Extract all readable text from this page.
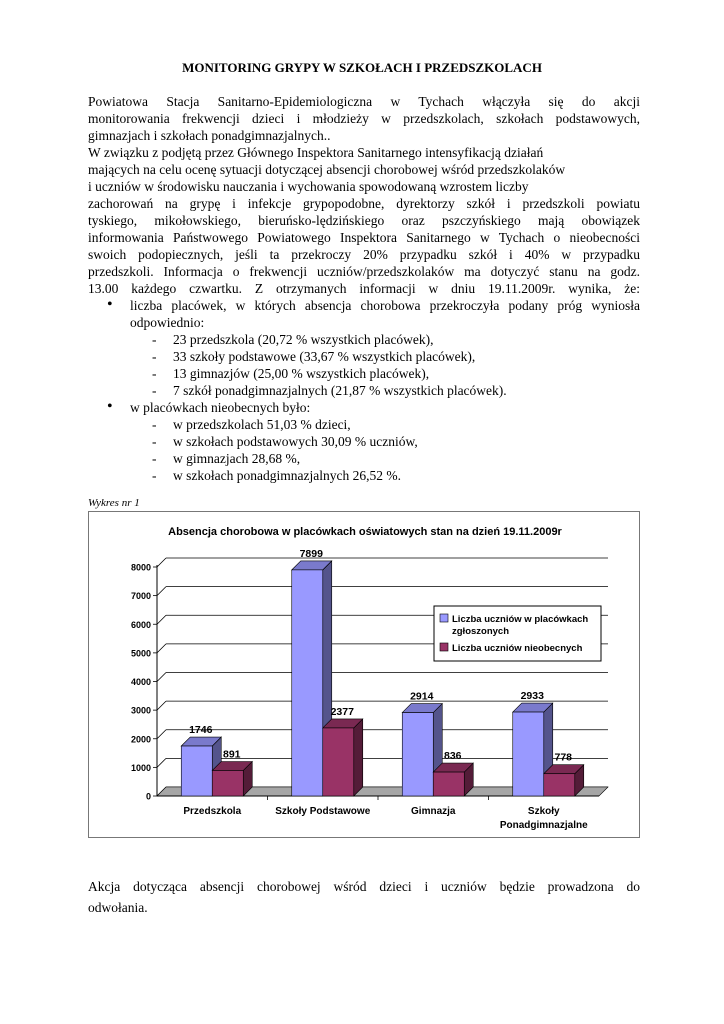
MONITORING GRYPY W SZKOŁACH I PRZEDSZKOLACH

Powiatowa Stacja Sanitarno-Epidemiologiczna w Tychach włączyła się do akcji

monitorowania frekwencji dzieci i młodzieży w przedszkolach, szkołach podstawowych,

gimnazjach i szkołach ponadgimnazjalnych..

W związku z podjętą przez Głównego Inspektora Sanitarnego intensyfikacją działań

mających na celu ocenę sytuacji dotyczącej absencji chorobowej wśród przedszkolaków

i uczniów w środowisku nauczania i wychowania spowodowaną wzrostem liczby

zachorowań na grypę i infekcje grypopodobne, dyrektorzy szkół i przedszkoli powiatu

tyskiego, mikołowskiego, bieruńsko-lędzińskiego oraz pszczyńskiego mają obowiązek

informowania Państwowego Powiatowego Inspektora Sanitarnego w Tychach o nieobecności

swoich podopiecznych, jeśli ta przekroczy 20% przypadku szkół i 40% w przypadku

przedszkoli. Informacja o frekwencji uczniów/przedszkolaków ma dotyczyć stanu na godz.

13.00 każdego czwartku. Z otrzymanych informacji w dniu 19.11.2009r. wynika, że:

• liczba placówek, w których absencja chorobowa przekroczyła podany próg wyniosła
odpowiednio:
- 23 przedszkola (20,72 % wszystkich placówek),
- 33 szkoły podstawowe (33,67 % wszystkich placówek),
- 13 gimnazjów (25,00 % wszystkich placówek),
- 7 szkół ponadgimnazjalnych (21,87 % wszystkich placówek).
• w placówkach nieobecnych było:
- w przedszkolach 51,03 % dzieci,
- w szkołach podstawowych 30,09 % uczniów,
- w gimnazjach 28,68 %,
- w szkołach ponadgimnazjalnych 26,52 %.
Wykres nr 1
Absencja chorobowa w placówkach oświatowych stan na dzień 19.11.2009r
0
1000
2000
3000
4000
5000
6000
7000
8000
Przedszkola
1746
891
Szkoły Podstawowe
7899
2377
Gimnazja
2914
836
Szkoły
Ponadgimnazjalne
2933
778
Liczba uczniów w placówkach
zgłoszonych
Liczba uczniów nieobecnych
Akcja dotycząca absencji chorobowej wśród dzieci i uczniów będzie prowadzona do
odwołania.
